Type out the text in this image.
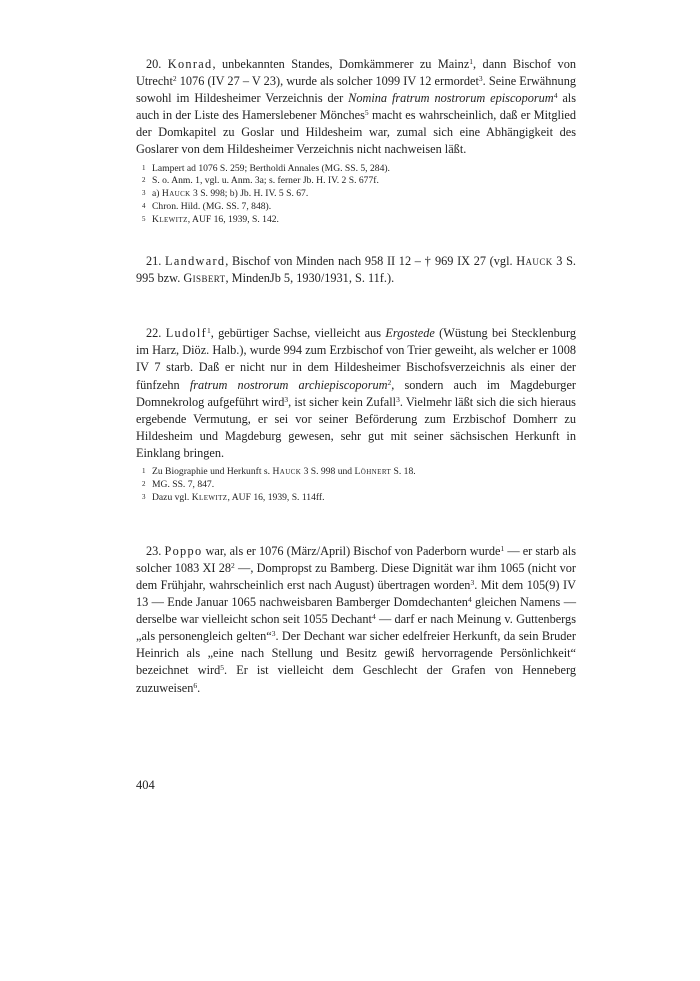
20. Konrad, unbekannten Standes, Domkämmerer zu Mainz$^1$, dann Bischof von Utrecht$^2$ 1076 (IV 27 – V 23), wurde als solcher 1099 IV 12 ermordet$^3$. Seine Erwähnung sowohl im Hildesheimer Verzeichnis der Nomina fratrum nostrorum episcoporum$^4$ als auch in der Liste des Hamerslebener Mönches$^5$ macht es wahrscheinlich, daß er Mitglied der Domkapitel zu Goslar und Hildesheim war, zumal sich eine Abhängigkeit des Goslarer von dem Hildesheimer Verzeichnis nicht nachweisen läßt.

1 Lampert ad 1076 S. 259; Bertholdi Annales (MG. SS. 5, 284).
2 S. o. Anm. 1, vgl. u. Anm. 3a; s. ferner Jb. H. IV. 2 S. 677f.
3 a) Hauck 3 S. 998; b) Jb. H. IV. 5 S. 67.
4 Chron. Hild. (MG. SS. 7, 848).
5 Klewitz, AUF 16, 1939, S. 142.

21. Landward, Bischof von Minden nach 958 II 12 – † 969 IX 27 (vgl. Hauck 3 S. 995 bzw. Gisbert, MindenJb 5, 1930/1931, S. 11f.).

22. Ludolf$^1$, gebürtiger Sachse, vielleicht aus Ergostede (Wüstung bei Stecklenburg im Harz, Diöz. Halb.), wurde 994 zum Erzbischof von Trier geweiht, als welcher er 1008 IV 7 starb. Daß er nicht nur in dem Hildesheimer Bischofsverzeichnis als einer der fünfzehn fratrum nostrorum archiepiscoporum$^2$, sondern auch im Magdeburger Domnekrolog aufgeführt wird$^3$, ist sicher kein Zufall$^3$. Vielmehr läßt sich die sich hieraus ergebende Vermutung, er sei vor seiner Beförderung zum Erzbischof Domherr zu Hildesheim und Magdeburg gewesen, sehr gut mit seiner sächsischen Herkunft in Einklang bringen.

1 Zu Biographie und Herkunft s. Hauck 3 S. 998 und Löhnert S. 18.
2 MG. SS. 7, 847.
3 Dazu vgl. Klewitz, AUF 16, 1939, S. 114ff.

23. Poppo war, als er 1076 (März/April) Bischof von Paderborn wurde$^1$ — er starb als solcher 1083 XI $28^2$ —, Dompropst zu Bamberg. Diese Dignität war ihm 1065 (nicht vor dem Frühjahr, wahrscheinlich erst nach August) übertragen worden$^3$. Mit dem 105(9) IV 13 — Ende Januar 1065 nachweisbaren Bamberger Domdechanten$^4$ gleichen Namens — derselbe war vielleicht schon seit 1055 Dechant$^4$ — darf er nach Meinung v. Guttenbergs „als personengleich gelten“$^3$. Der Dechant war sicher edelfreier Herkunft, da sein Bruder Heinrich als „eine nach Stellung und Besitz gewiß hervorragende Persönlichkeit“ bezeichnet wird$^5$. Er ist vielleicht dem Geschlecht der Grafen von Henneberg zuzuweisen$^6$.

404
